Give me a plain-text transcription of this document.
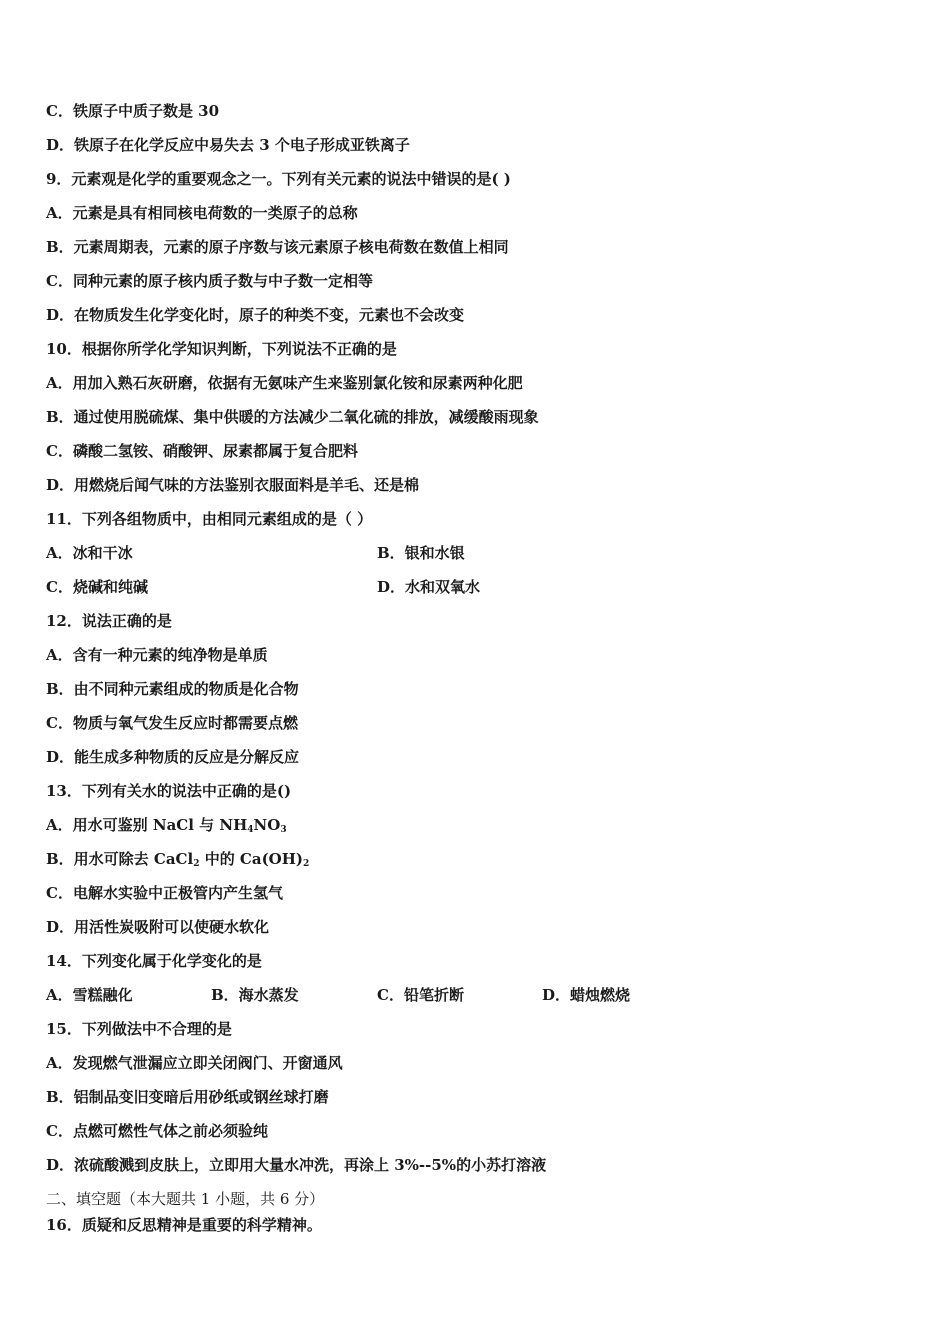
C．铁原子中质子数是 30
D．铁原子在化学反应中易失去 3 个电子形成亚铁离子
9．元素观是化学的重要观念之一。下列有关元素的说法中错误的是( )
A．元素是具有相同核电荷数的一类原子的总称
B．元素周期表，元素的原子序数与该元素原子核电荷数在数值上相同
C．同种元素的原子核内质子数与中子数一定相等
D．在物质发生化学变化时，原子的种类不变，元素也不会改变
10．根据你所学化学知识判断，下列说法不正确的是
A．用加入熟石灰研磨，依据有无氨味产生来鉴别氯化铵和尿素两种化肥
B．通过使用脱硫煤、集中供暖的方法减少二氧化硫的排放，减缓酸雨现象
C．磷酸二氢铵、硝酸钾、尿素都属于复合肥料
D．用燃烧后闻气味的方法鉴别衣服面料是羊毛、还是棉
11．下列各组物质中，由相同元素组成的是（ ）
A．冰和干冰	B．银和水银
C．烧碱和纯碱	D．水和双氧水
12．说法正确的是
A．含有一种元素的纯净物是单质
B．由不同种元素组成的物质是化合物
C．物质与氧气发生反应时都需要点燃
D．能生成多种物质的反应是分解反应
13．下列有关水的说法中正确的是()
A．用水可鉴别 NaCl 与 $NH_4NO_3$
B．用水可除去 CaCl$_2$ 中的 $Ca(OH)_2$
C．电解水实验中正极管内产生氢气
D．用活性炭吸附可以使硬水软化
14．下列变化属于化学变化的是
A．雪糕融化	B．海水蒸发	C．铅笔折断	D．蜡烛燃烧
15．下列做法中不合理的是
A．发现燃气泄漏应立即关闭阀门、开窗通风
B．铝制品变旧变暗后用砂纸或钢丝球打磨
C．点燃可燃性气体之前必须验纯
D．浓硫酸溅到皮肤上，立即用大量水冲洗，再涂上 3%--5%的小苏打溶液
二、填空题（本大题共 1 小题，共 6 分）
16．质疑和反思精神是重要的科学精神。
